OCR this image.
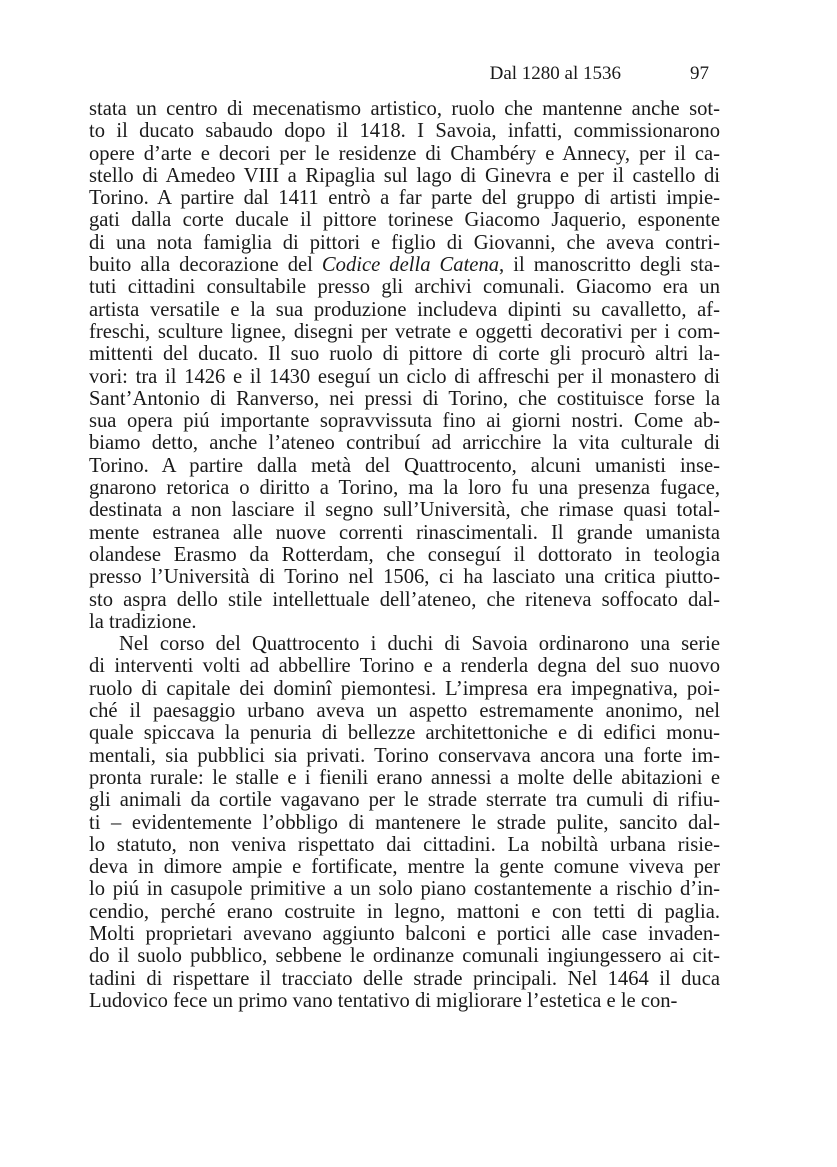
Dal 1280 al 1536	97
stata un centro di mecenatismo artistico, ruolo che mantenne anche sot-
to il ducato sabaudo dopo il 1418. I Savoia, infatti, commissionarono
opere d’arte e decori per le residenze di Chambéry e Annecy, per il ca-
stello di Amedeo VIII a Ripaglia sul lago di Ginevra e per il castello di
Torino. A partire dal 1411 entrò a far parte del gruppo di artisti impie-
gati dalla corte ducale il pittore torinese Giacomo Jaquerio, esponente
di una nota famiglia di pittori e figlio di Giovanni, che aveva contri-
buito alla decorazione del Codice della Catena, il manoscritto degli sta-
tuti cittadini consultabile presso gli archivi comunali. Giacomo era un
artista versatile e la sua produzione includeva dipinti su cavalletto, af-
freschi, sculture lignee, disegni per vetrate e oggetti decorativi per i com-
mittenti del ducato. Il suo ruolo di pittore di corte gli procurò altri la-
vori: tra il 1426 e il 1430 eseguí un ciclo di affreschi per il monastero di
Sant’Antonio di Ranverso, nei pressi di Torino, che costituisce forse la
sua opera piú importante sopravvissuta fino ai giorni nostri. Come ab-
biamo detto, anche l’ateneo contribuí ad arricchire la vita culturale di
Torino. A partire dalla metà del Quattrocento, alcuni umanisti inse-
gnarono retorica o diritto a Torino, ma la loro fu una presenza fugace,
destinata a non lasciare il segno sull’Università, che rimase quasi total-
mente estranea alle nuove correnti rinascimentali. Il grande umanista
olandese Erasmo da Rotterdam, che conseguí il dottorato in teologia
presso l’Università di Torino nel 1506, ci ha lasciato una critica piutto-
sto aspra dello stile intellettuale dell’ateneo, che riteneva soffocato dal-
la tradizione.
Nel corso del Quattrocento i duchi di Savoia ordinarono una serie
di interventi volti ad abbellire Torino e a renderla degna del suo nuovo
ruolo di capitale dei dominî piemontesi. L’impresa era impegnativa, poi-
ché il paesaggio urbano aveva un aspetto estremamente anonimo, nel
quale spiccava la penuria di bellezze architettoniche e di edifici monu-
mentali, sia pubblici sia privati. Torino conservava ancora una forte im-
pronta rurale: le stalle e i fienili erano annessi a molte delle abitazioni e
gli animali da cortile vagavano per le strade sterrate tra cumuli di rifiu-
ti – evidentemente l’obbligo di mantenere le strade pulite, sancito dal-
lo statuto, non veniva rispettato dai cittadini. La nobiltà urbana risie-
deva in dimore ampie e fortificate, mentre la gente comune viveva per
lo piú in casupole primitive a un solo piano costantemente a rischio d’in-
cendio, perché erano costruite in legno, mattoni e con tetti di paglia.
Molti proprietari avevano aggiunto balconi e portici alle case invaden-
do il suolo pubblico, sebbene le ordinanze comunali ingiungessero ai cit-
tadini di rispettare il tracciato delle strade principali. Nel 1464 il duca
Ludovico fece un primo vano tentativo di migliorare l’estetica e le con-
